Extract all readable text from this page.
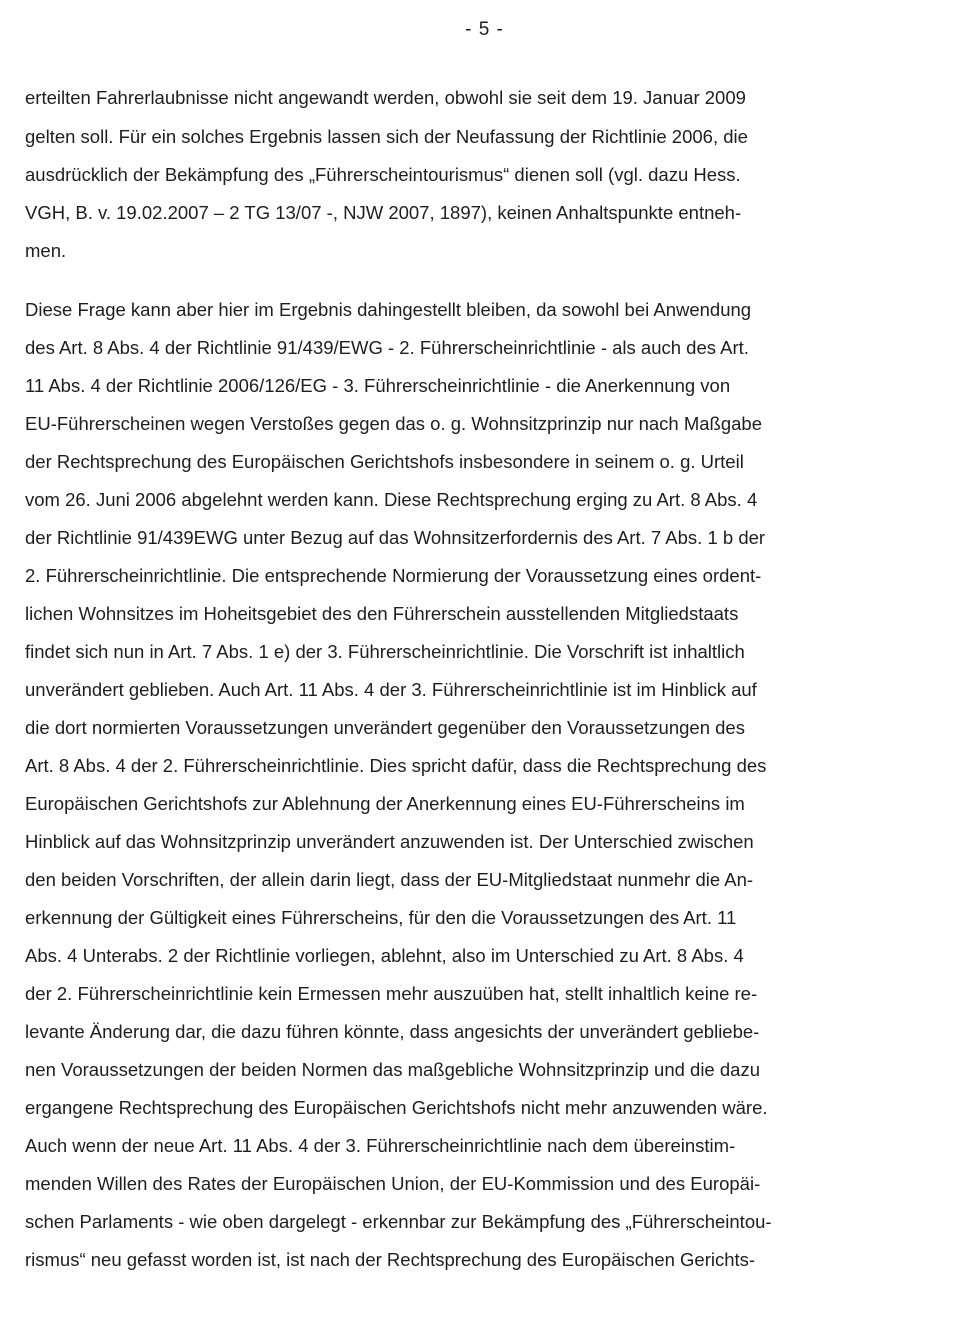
- 5 -
erteilten Fahrerlaubnisse nicht angewandt werden, obwohl sie seit dem 19. Januar 2009
gelten soll. Für ein solches Ergebnis lassen sich der Neufassung der Richtlinie 2006, die
ausdrücklich der Bekämpfung des „Führerscheintourismus“ dienen soll (vgl. dazu Hess.
VGH, B. v. 19.02.2007 – 2 TG 13/07 -, NJW 2007, 1897), keinen Anhaltspunkte entneh-
men.
Diese Frage kann aber hier im Ergebnis dahingestellt bleiben, da sowohl bei Anwendung
des Art. 8 Abs. 4 der Richtlinie 91/439/EWG - 2. Führerscheinrichtlinie - als auch des Art.
11 Abs. 4 der Richtlinie 2006/126/EG - 3. Führerscheinrichtlinie - die Anerkennung von
EU-Führerscheinen wegen Verstoßes gegen das o. g. Wohnsitzprinzip nur nach Maßgabe
der Rechtsprechung des Europäischen Gerichtshofs insbesondere in seinem o. g. Urteil
vom 26. Juni 2006 abgelehnt werden kann. Diese Rechtsprechung erging zu Art. 8 Abs. 4
der Richtlinie 91/439EWG unter Bezug auf das Wohnsitzerfordernis des Art. 7 Abs. 1 b der
2. Führerscheinrichtlinie. Die entsprechende Normierung der Voraussetzung eines ordent-
lichen Wohnsitzes im Hoheitsgebiet des den Führerschein ausstellenden Mitgliedstaats
findet sich nun in Art. 7 Abs. 1 e) der 3. Führerscheinrichtlinie. Die Vorschrift ist inhaltlich
unverändert geblieben. Auch Art. 11 Abs. 4 der 3. Führerscheinrichtlinie ist im Hinblick auf
die dort normierten Voraussetzungen unverändert gegenüber den Voraussetzungen des
Art. 8 Abs. 4 der 2. Führerscheinrichtlinie. Dies spricht dafür, dass die Rechtsprechung des
Europäischen Gerichtshofs zur Ablehnung der Anerkennung eines EU-Führerscheins im
Hinblick auf das Wohnsitzprinzip unverändert anzuwenden ist. Der Unterschied zwischen
den beiden Vorschriften, der allein darin liegt, dass der EU-Mitgliedstaat nunmehr die An-
erkennung der Gültigkeit eines Führerscheins, für den die Voraussetzungen des Art. 11
Abs. 4 Unterabs. 2 der Richtlinie vorliegen, ablehnt, also im Unterschied zu Art. 8 Abs. 4
der 2. Führerscheinrichtlinie kein Ermessen mehr auszuüben hat, stellt inhaltlich keine re-
levante Änderung dar, die dazu führen könnte, dass angesichts der unverändert gebliebe-
nen Voraussetzungen der beiden Normen das maßgebliche Wohnsitzprinzip und die dazu
ergangene Rechtsprechung des Europäischen Gerichtshofs nicht mehr anzuwenden wäre.
Auch wenn der neue Art. 11 Abs. 4 der 3. Führerscheinrichtlinie nach dem übereinstim-
menden Willen des Rates der Europäischen Union, der EU-Kommission und des Europäi-
schen Parlaments - wie oben dargelegt - erkennbar zur Bekämpfung des „Führerscheintou-
rismus“ neu gefasst worden ist, ist nach der Rechtsprechung des Europäischen Gerichts-
